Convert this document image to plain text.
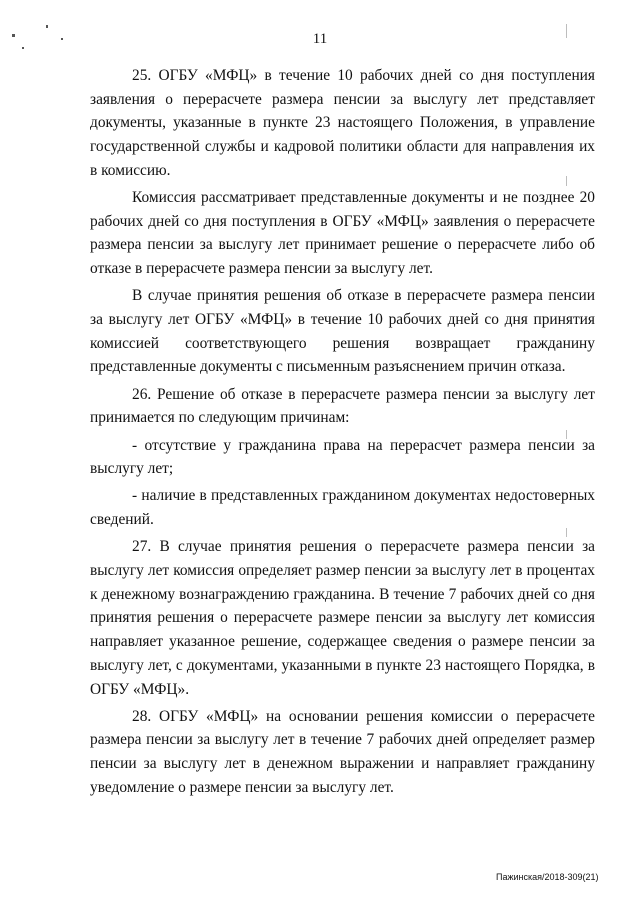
11

25. ОГБУ «МФЦ» в течение 10 рабочих дней со дня поступления заявления о перерасчете размера пенсии за выслугу лет представляет документы, указанные в пункте 23 настоящего Положения, в управление государственной службы и кадровой политики области для направления их в комиссию.

Комиссия рассматривает представленные документы и не позднее 20 рабочих дней со дня поступления в ОГБУ «МФЦ» заявления о перерасчете размера пенсии за выслугу лет принимает решение о перерасчете либо об отказе в перерасчете размера пенсии за выслугу лет.

В случае принятия решения об отказе в перерасчете размера пенсии за выслугу лет ОГБУ «МФЦ» в течение 10 рабочих дней со дня принятия комиссией соответствующего решения возвращает гражданину представленные документы с письменным разъяснением причин отказа.

26. Решение об отказе в перерасчете размера пенсии за выслугу лет принимается по следующим причинам:

- отсутствие у гражданина права на перерасчет размера пенсии за выслугу лет;

- наличие в представленных гражданином документах недостоверных сведений.

27. В случае принятия решения о перерасчете размера пенсии за выслугу лет комиссия определяет размер пенсии за выслугу лет в процентах к денежному вознаграждению гражданина. В течение 7 рабочих дней со дня принятия решения о перерасчете размере пенсии за выслугу лет комиссия направляет указанное решение, содержащее сведения о размере пенсии за выслугу лет, с документами, указанными в пункте 23 настоящего Порядка, в ОГБУ «МФЦ».

28. ОГБУ «МФЦ» на основании решения комиссии о перерасчете размера пенсии за выслугу лет в течение 7 рабочих дней определяет размер пенсии за выслугу лет в денежном выражении и направляет гражданину уведомление о размере пенсии за выслугу лет.

Пажинская/2018-309(21)
